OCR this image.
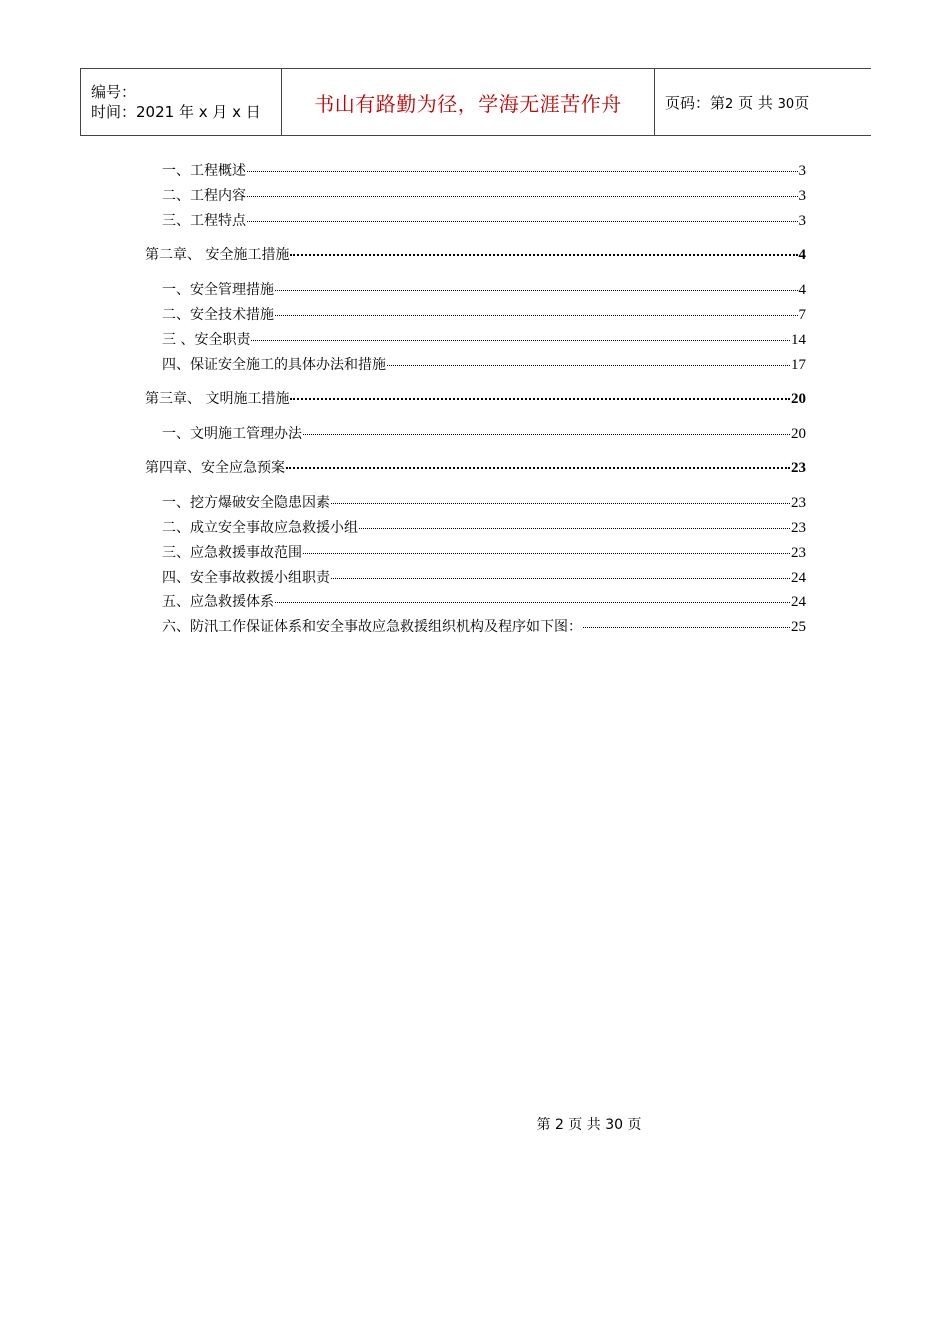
编号：
时间：2021 年 x 月 x 日	书山有路勤为径，学海无涯苦作舟	页码：第2 页 共 30页
一、工程概述	3
二、工程内容	3
三、工程特点	3
第二章、 安全施工措施	4
一、安全管理措施	4
二、安全技术措施	7
三 、安全职责	14
四、保证安全施工的具体办法和措施	17
第三章、 文明施工措施	20
一、文明施工管理办法	20
第四章、安全应急预案	23
一、挖方爆破安全隐患因素	23
二、成立安全事故应急救援小组	23
三、应急救援事故范围	23
四、安全事故救援小组职责	24
五、应急救援体系	24
六、防汛工作保证体系和安全事故应急救援组织机构及程序如下图：	25
第 2 页 共 30 页
